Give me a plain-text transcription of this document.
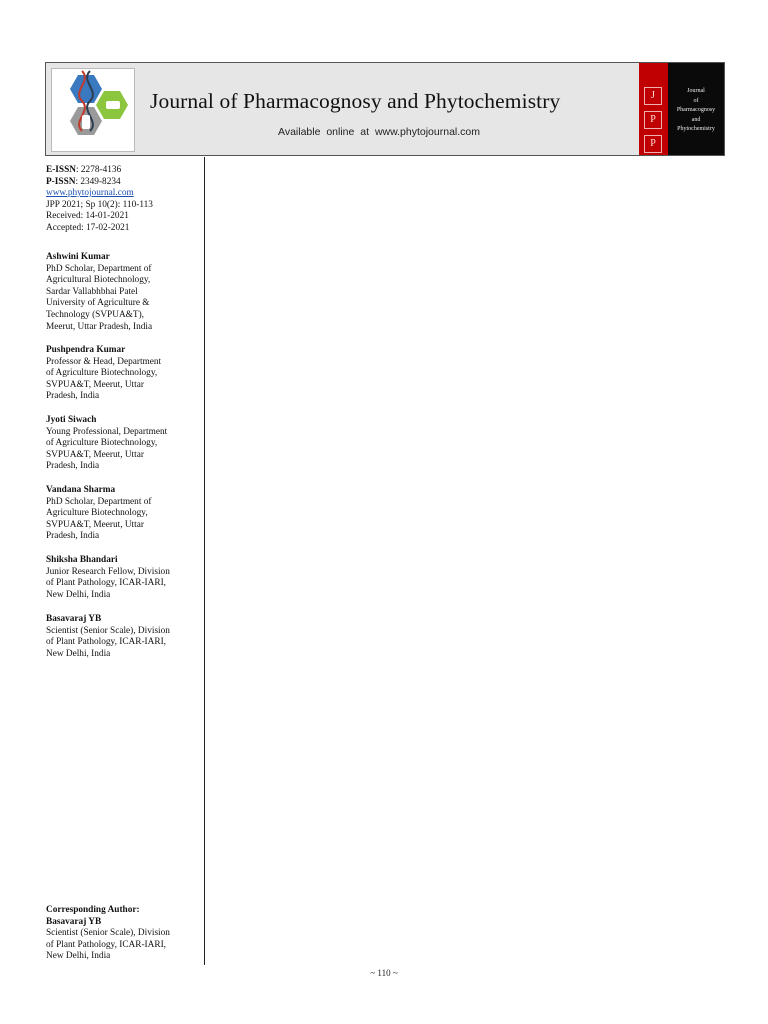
Journal of Pharmacognosy and Phytochemistry
Available online at www.phytojournal.com
J
P
P
Journal
of
Pharmacognosy
and
Phytochemistry
E-ISSN: 2278-4136
P-ISSN: 2349-8234
www.phytojournal.com
JPP 2021; Sp 10(2): 110-113
Received: 14-01-2021
Accepted: 17-02-2021
Ashwini Kumar
PhD Scholar, Department of
Agricultural Biotechnology,
Sardar Vallabhbhai Patel
University of Agriculture &
Technology (SVPUA&T),
Meerut, Uttar Pradesh, India
Pushpendra Kumar
Professor & Head, Department
of Agriculture Biotechnology,
SVPUA&T, Meerut, Uttar
Pradesh, India
Jyoti Siwach
Young Professional, Department
of Agriculture Biotechnology,
SVPUA&T, Meerut, Uttar
Pradesh, India
Vandana Sharma
PhD Scholar, Department of
Agriculture Biotechnology,
SVPUA&T, Meerut, Uttar
Pradesh, India
Shiksha Bhandari
Junior Research Fellow, Division
of Plant Pathology, ICAR-IARI,
New Delhi, India
Basavaraj YB
Scientist (Senior Scale), Division
of Plant Pathology, ICAR-IARI,
New Delhi, India
Corresponding Author:
Basavaraj YB
Scientist (Senior Scale), Division
of Plant Pathology, ICAR-IARI,
New Delhi, India
~ 110 ~
